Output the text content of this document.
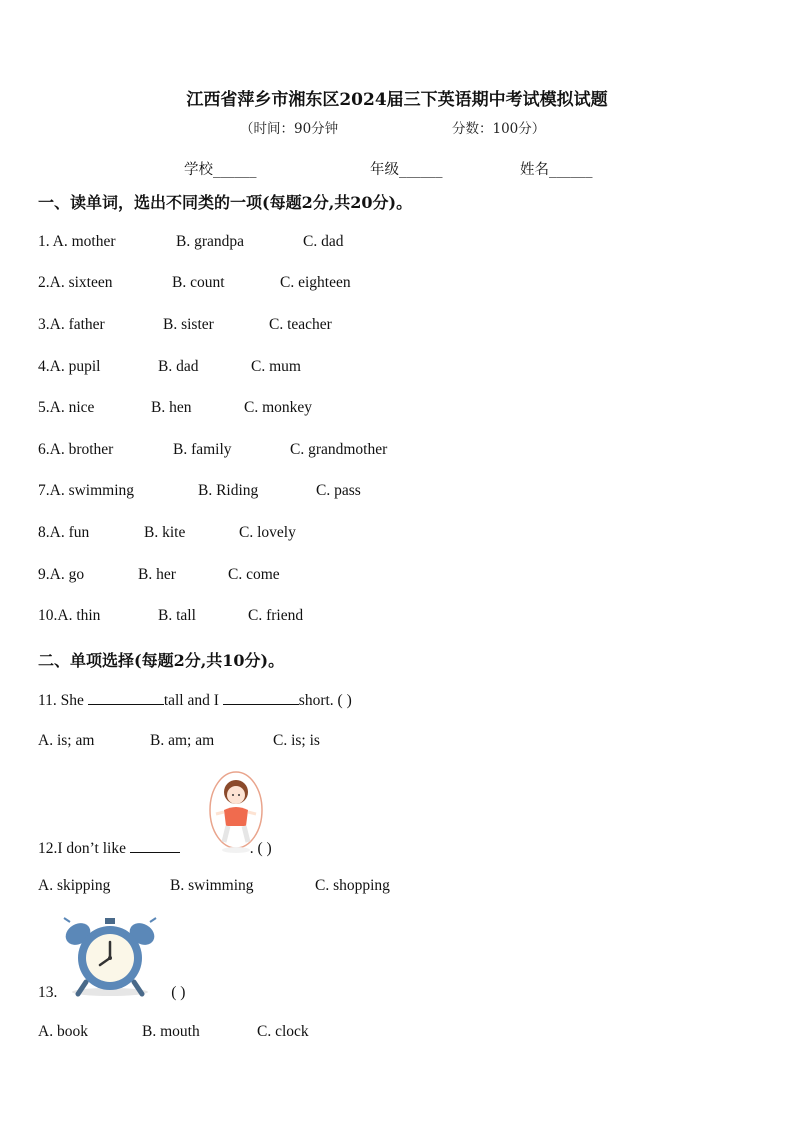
江西省萍乡市湘东区2024届三下英语期中考试模拟试题
（时间：90分钟	分数：100分）
学校______	年级______	姓名______
一、读单词，选出不同类的一项(每题2分,共20分)。
1. A. mother	B. grandpa	C. dad
2.A. sixteen	B. count	C. eighteen
3.A. father	B. sister	C. teacher
4.A. pupil	B. dad	C. mum
5.A. nice	B. hen	C. monkey
6.A. brother	B. family	C. grandmother
7.A. swimming	B. Riding	C. pass
8.A. fun	B. kite	C. lovely
9.A. go	B. her	C. come
10.A. thin	B. tall	C. friend
二、单项选择(每题2分,共10分)。
11. She	tall and I	short. ( )
A. is; am	B. am; am	C. is; is
12.I don’t like	. ( )
A. skipping	B. swimming	C. shopping
13.	( )
A. book	B. mouth	C. clock
